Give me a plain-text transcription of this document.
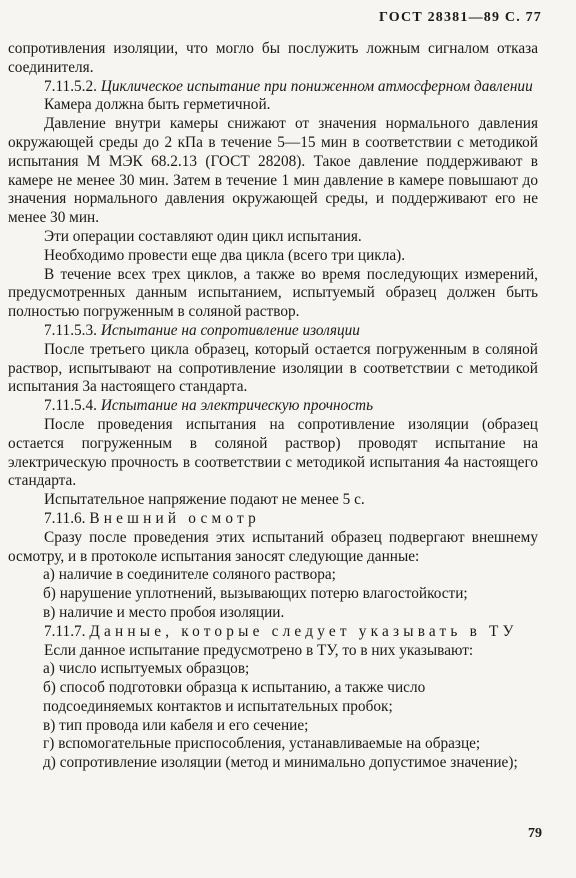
ГОСТ 28381—89 С. 77

сопротивления изоляции, что могло бы послужить ложным сигналом отказа соединителя.

7.11.5.2. Циклическое испытание при пониженном атмосферном давлении

Камера должна быть герметичной.

Давление внутри камеры снижают от значения нормального давления окружающей среды до 2 кПа в течение 5—15 мин в соответствии с методикой испытания М МЭК 68.2.13 (ГОСТ 28208). Такое давление поддерживают в камере не менее 30 мин. Затем в течение 1 мин давление в камере повышают до значения нормального давления окружающей среды, и поддерживают его не менее 30 мин.

Эти операции составляют один цикл испытания.

Необходимо провести еще два цикла (всего три цикла).

В течение всех трех циклов, а также во время последующих измерений, предусмотренных данным испытанием, испытуемый образец должен быть полностью погруженным в соляной раствор.

7.11.5.3. Испытание на сопротивление изоляции

После третьего цикла образец, который остается погруженным в соляной раствор, испытывают на сопротивление изоляции в соответствии с методикой испытания 3а настоящего стандарта.

7.11.5.4. Испытание на электрическую прочность

После проведения испытания на сопротивление изоляции (образец остается погруженным в соляной раствор) проводят испытание на электрическую прочность в соответствии с методикой испытания 4а настоящего стандарта.

Испытательное напряжение подают не менее 5 с.

7.11.6. Внешний осмотр

Сразу после проведения этих испытаний образец подвергают внешнему осмотру, и в протоколе испытания заносят следующие данные:

а) наличие в соединителе соляного раствора;

б) нарушение уплотнений, вызывающих потерю влагостойкости;

в) наличие и место пробоя изоляции.

7.11.7. Данные, которые следует указывать в ТУ

Если данное испытание предусмотрено в ТУ, то в них указывают:

а) число испытуемых образцов;

б) способ подготовки образца к испытанию, а также число подсоединяемых контактов и испытательных пробок;

в) тип провода или кабеля и его сечение;

г) вспомогательные приспособления, устанавливаемые на образце;

д) сопротивление изоляции (метод и минимально допустимое значение);

79
